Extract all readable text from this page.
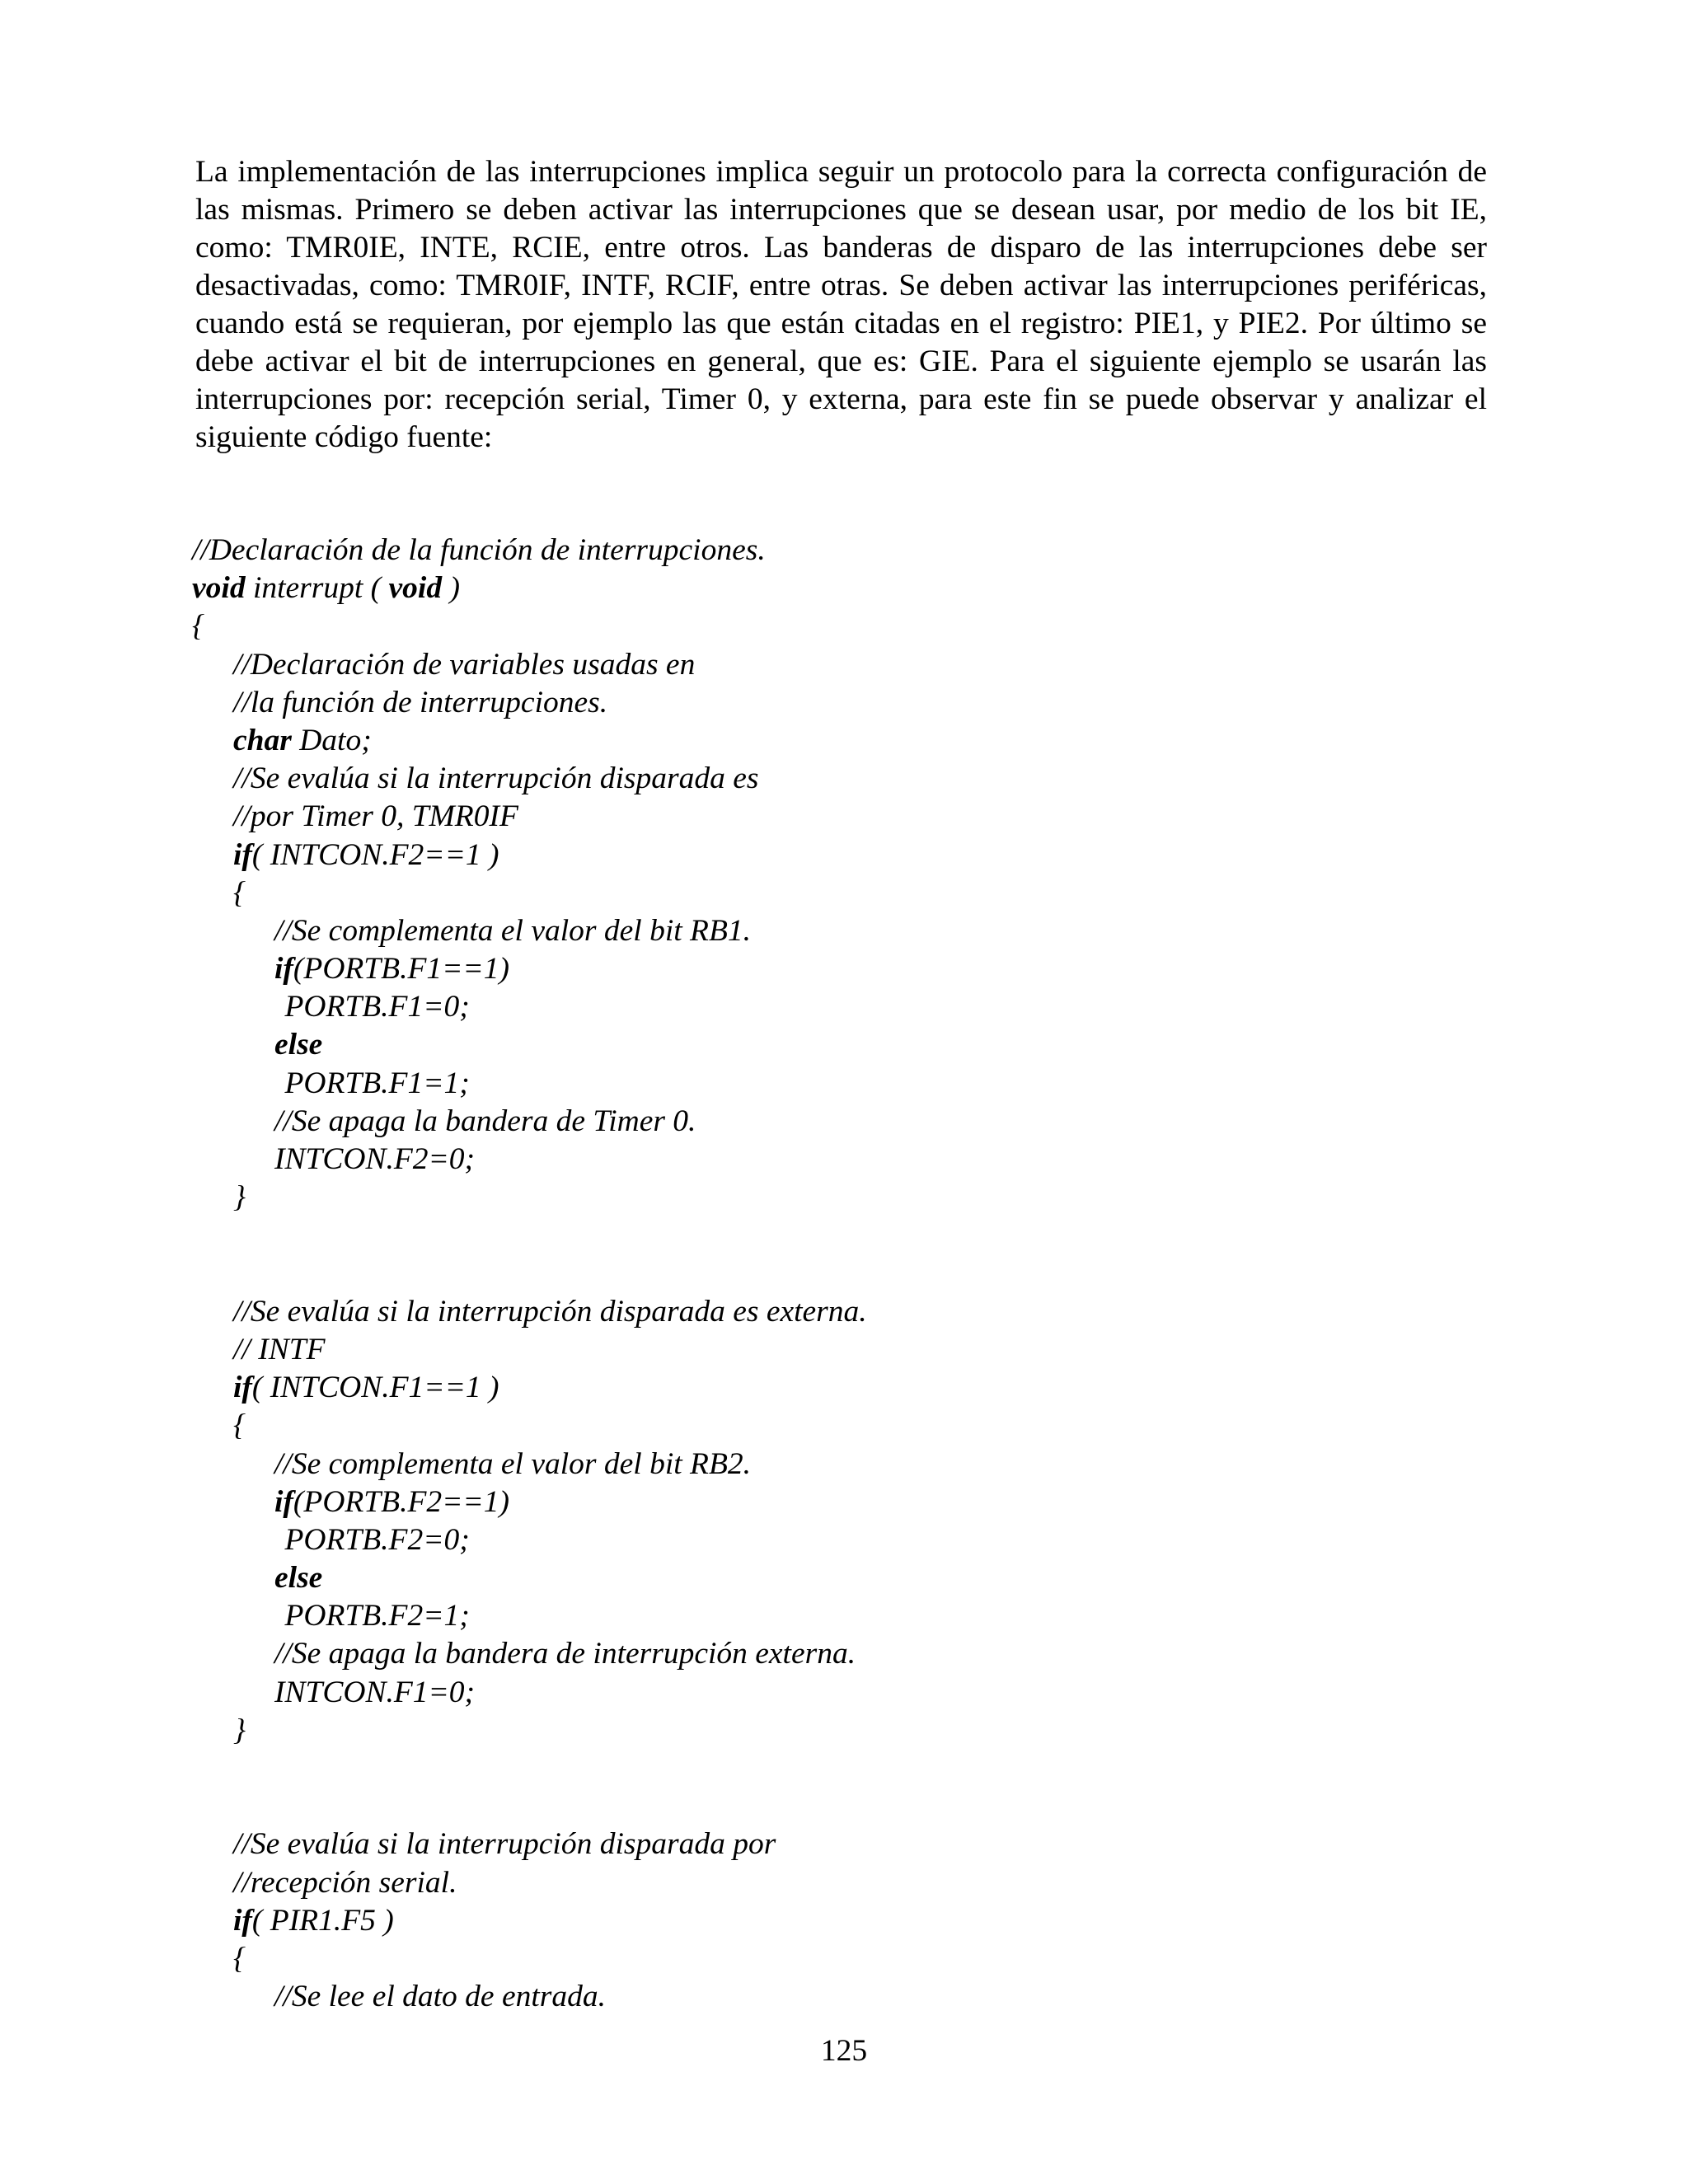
La implementación de las interrupciones implica seguir un protocolo para la correcta configuración de las mismas. Primero se deben activar las interrupciones que se desean usar, por medio de los bit IE, como: TMR0IE, INTE, RCIE, entre otros. Las banderas de disparo de las interrupciones debe ser desactivadas, como: TMR0IF, INTF, RCIF, entre otras. Se deben activar las interrupciones periféricas, cuando está se requieran, por ejemplo las que están citadas en el registro: PIE1, y PIE2. Por último se debe activar el bit de interrupciones en general, que es: GIE. Para el siguiente ejemplo se usarán las interrupciones por: recepción serial, Timer 0, y externa, para este fin se puede observar y analizar el siguiente código fuente:

//Declaración de la función de interrupciones.
void interrupt ( void )
{
//Declaración de variables usadas en
//la función de interrupciones.
char Dato;
//Se evalúa si la interrupción disparada es
//por Timer 0, TMR0IF
if( INTCON.F2==1 )
{
//Se complementa el valor del bit RB1.
if(PORTB.F1==1)
PORTB.F1=0;
else
PORTB.F1=1;
//Se apaga la bandera de Timer 0.
INTCON.F2=0;
}
//Se evalúa si la interrupción disparada es externa.
// INTF
if( INTCON.F1==1 )
{
//Se complementa el valor del bit RB2.
if(PORTB.F2==1)
PORTB.F2=0;
else
PORTB.F2=1;
//Se apaga la bandera de interrupción externa.
INTCON.F1=0;
}
//Se evalúa si la interrupción disparada por
//recepción serial.
if( PIR1.F5 )
{
//Se lee el dato de entrada.
125
